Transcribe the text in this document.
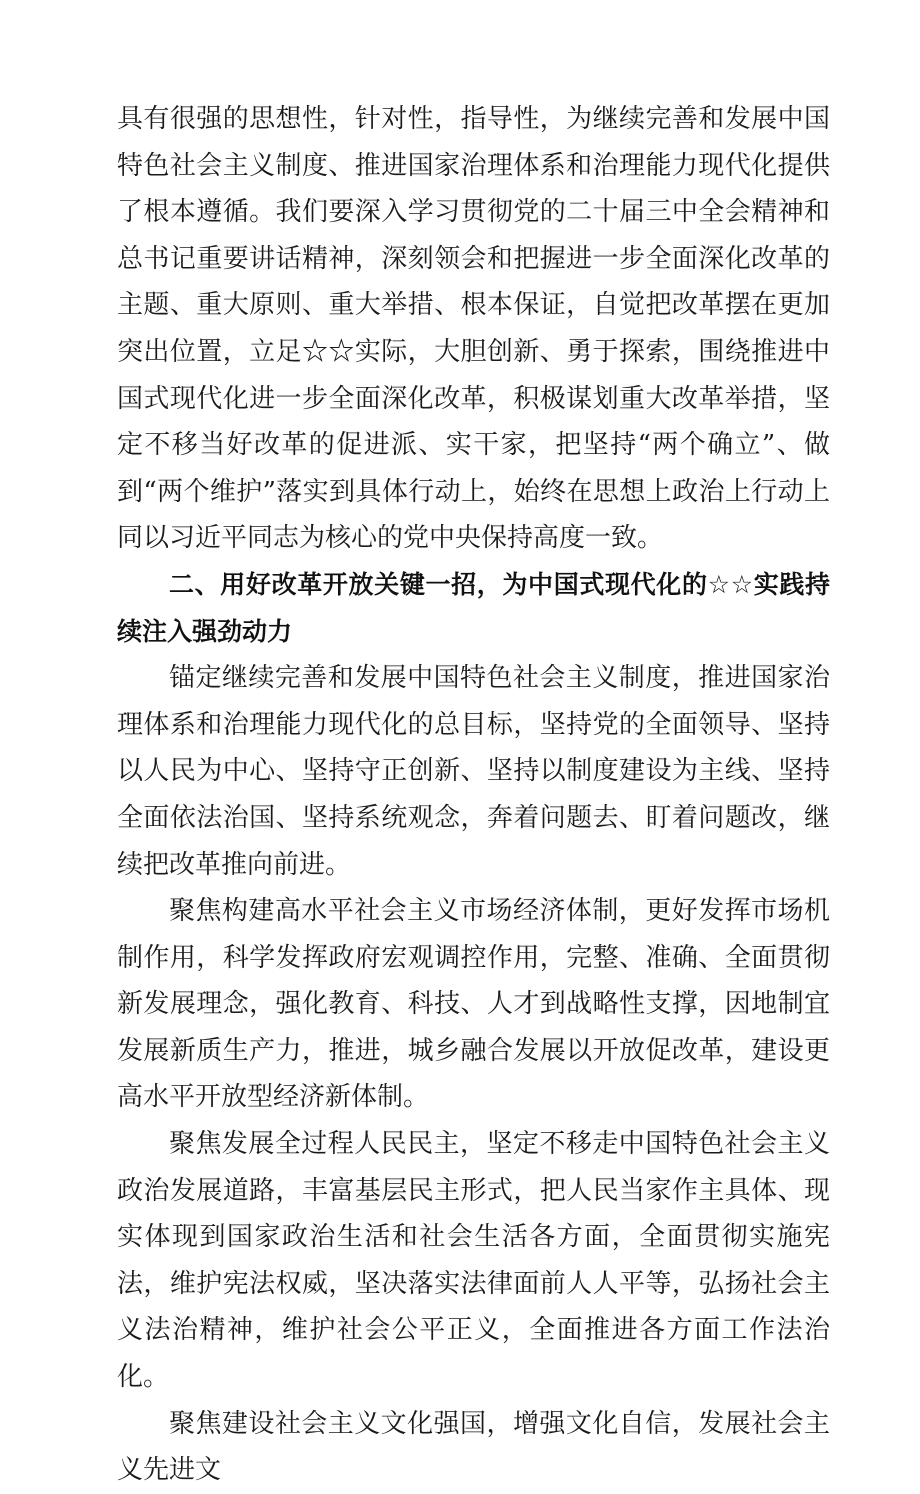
具有很强的思想性，针对性，指导性，为继续完善和发展中国特色社会主义制度、推进国家治理体系和治理能力现代化提供了根本遵循。我们要深入学习贯彻党的二十届三中全会精神和总书记重要讲话精神，深刻领会和把握进一步全面深化改革的主题、重大原则、重大举措、根本保证，自觉把改革摆在更加突出位置，立足☆☆实际，大胆创新、勇于探索，围绕推进中国式现代化进一步全面深化改革，积极谋划重大改革举措，坚定不移当好改革的促进派、实干家，把坚持“两个确立”、做到“两个维护”落实到具体行动上，始终在思想上政治上行动上同以习近平同志为核心的党中央保持高度一致。

二、用好改革开放关键一招，为中国式现代化的☆☆实践持续注入强劲动力

锚定继续完善和发展中国特色社会主义制度，推进国家治理体系和治理能力现代化的总目标，坚持党的全面领导、坚持以人民为中心、坚持守正创新、坚持以制度建设为主线、坚持全面依法治国、坚持系统观念，奔着问题去、盯着问题改，继续把改革推向前进。

聚焦构建高水平社会主义市场经济体制，更好发挥市场机制作用，科学发挥政府宏观调控作用，完整、准确、全面贯彻新发展理念，强化教育、科技、人才到战略性支撑，因地制宜发展新质生产力，推进，城乡融合发展以开放促改革，建设更高水平开放型经济新体制。

聚焦发展全过程人民民主，坚定不移走中国特色社会主义政治发展道路，丰富基层民主形式，把人民当家作主具体、现实体现到国家政治生活和社会生活各方面，全面贯彻实施宪法，维护宪法权威，坚决落实法律面前人人平等，弘扬社会主义法治精神，维护社会公平正义，全面推进各方面工作法治化。

聚焦建设社会主义文化强国，增强文化自信，发展社会主义先进文
